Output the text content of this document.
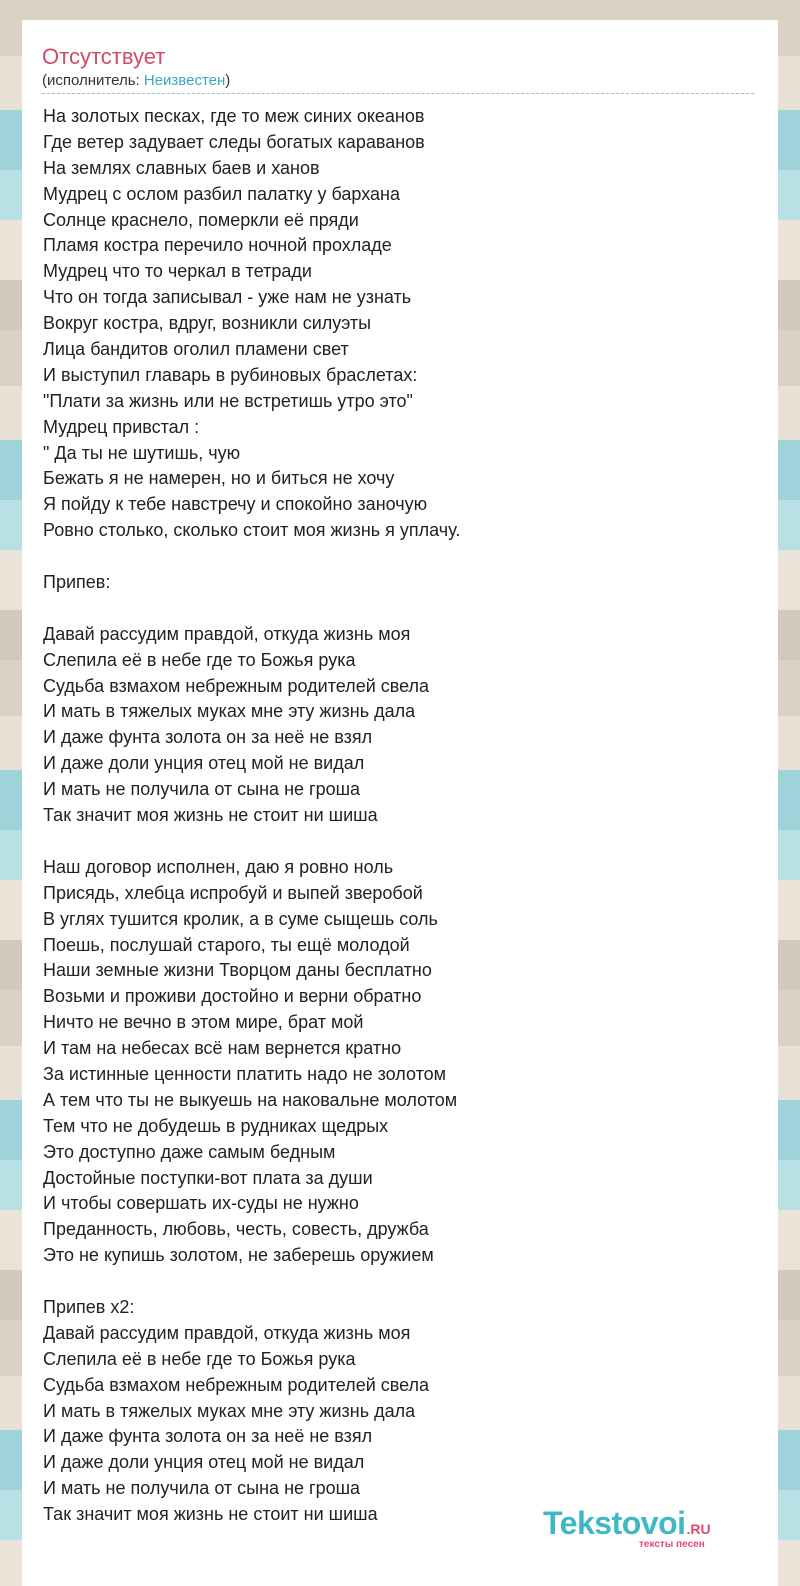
Отсутствует
(исполнитель: Неизвестен)
На золотых песках, где то меж синих океанов
Где ветер задувает следы богатых караванов
На землях славных баев и ханов
Мудрец с ослом разбил палатку у бархана
Солнце краснело, померкли её пряди
Пламя костра перечило ночной прохладе
Мудрец что то черкал в тетради
Что он тогда записывал - уже нам не узнать
Вокруг костра, вдруг, возникли силуэты
Лица бандитов оголил пламени свет
И выступил главарь в рубиновых браслетах:
"Плати за жизнь или не встретишь утро это"
Мудрец привстал :
" Да ты не шутишь, чую
Бежать я не намерен, но и биться не хочу
Я пойду к тебе навстречу и спокойно заночую
Ровно столько, сколько стоит моя жизнь я уплачу.
Припев:
Давай рассудим правдой, откуда жизнь моя
Слепила её в небе где то Божья рука
Судьба взмахом небрежным родителей свела
И мать в тяжелых муках мне эту жизнь дала
И даже фунта золота он за неё не взял
И даже доли унция отец мой не видал
И мать не получила от сына не гроша
Так значит моя жизнь не стоит ни шиша
Наш договор исполнен, даю я ровно ноль
Присядь, хлебца испробуй и выпей зверобой
В углях тушится кролик, а в суме сыщешь соль
Поешь, послушай старого, ты ещё молодой
Наши земные жизни Творцом даны бесплатно
Возьми и проживи достойно и верни обратно
Ничто не вечно в этом мире, брат мой
И там на небесах всё нам вернется кратно
За истинные ценности платить надо не золотом
А тем что ты не выкуешь на наковальне молотом
Тем что не добудешь в рудниках щедрых
Это доступно даже самым бедным
Достойные поступки-вот плата за души
И чтобы совершать их-суды не нужно
Преданность, любовь, честь, совесть, дружба
Это не купишь золотом, не заберешь оружием
Припев x2:
Давай рассудим правдой, откуда жизнь моя
Слепила её в небе где то Божья рука
Судьба взмахом небрежным родителей свела
И мать в тяжелых муках мне эту жизнь дала
И даже фунта золота он за неё не взял
И даже доли унция отец мой не видал
И мать не получила от сына не гроша
Так значит моя жизнь не стоит ни шиша	Tekstovoi.RU
тексты песен
